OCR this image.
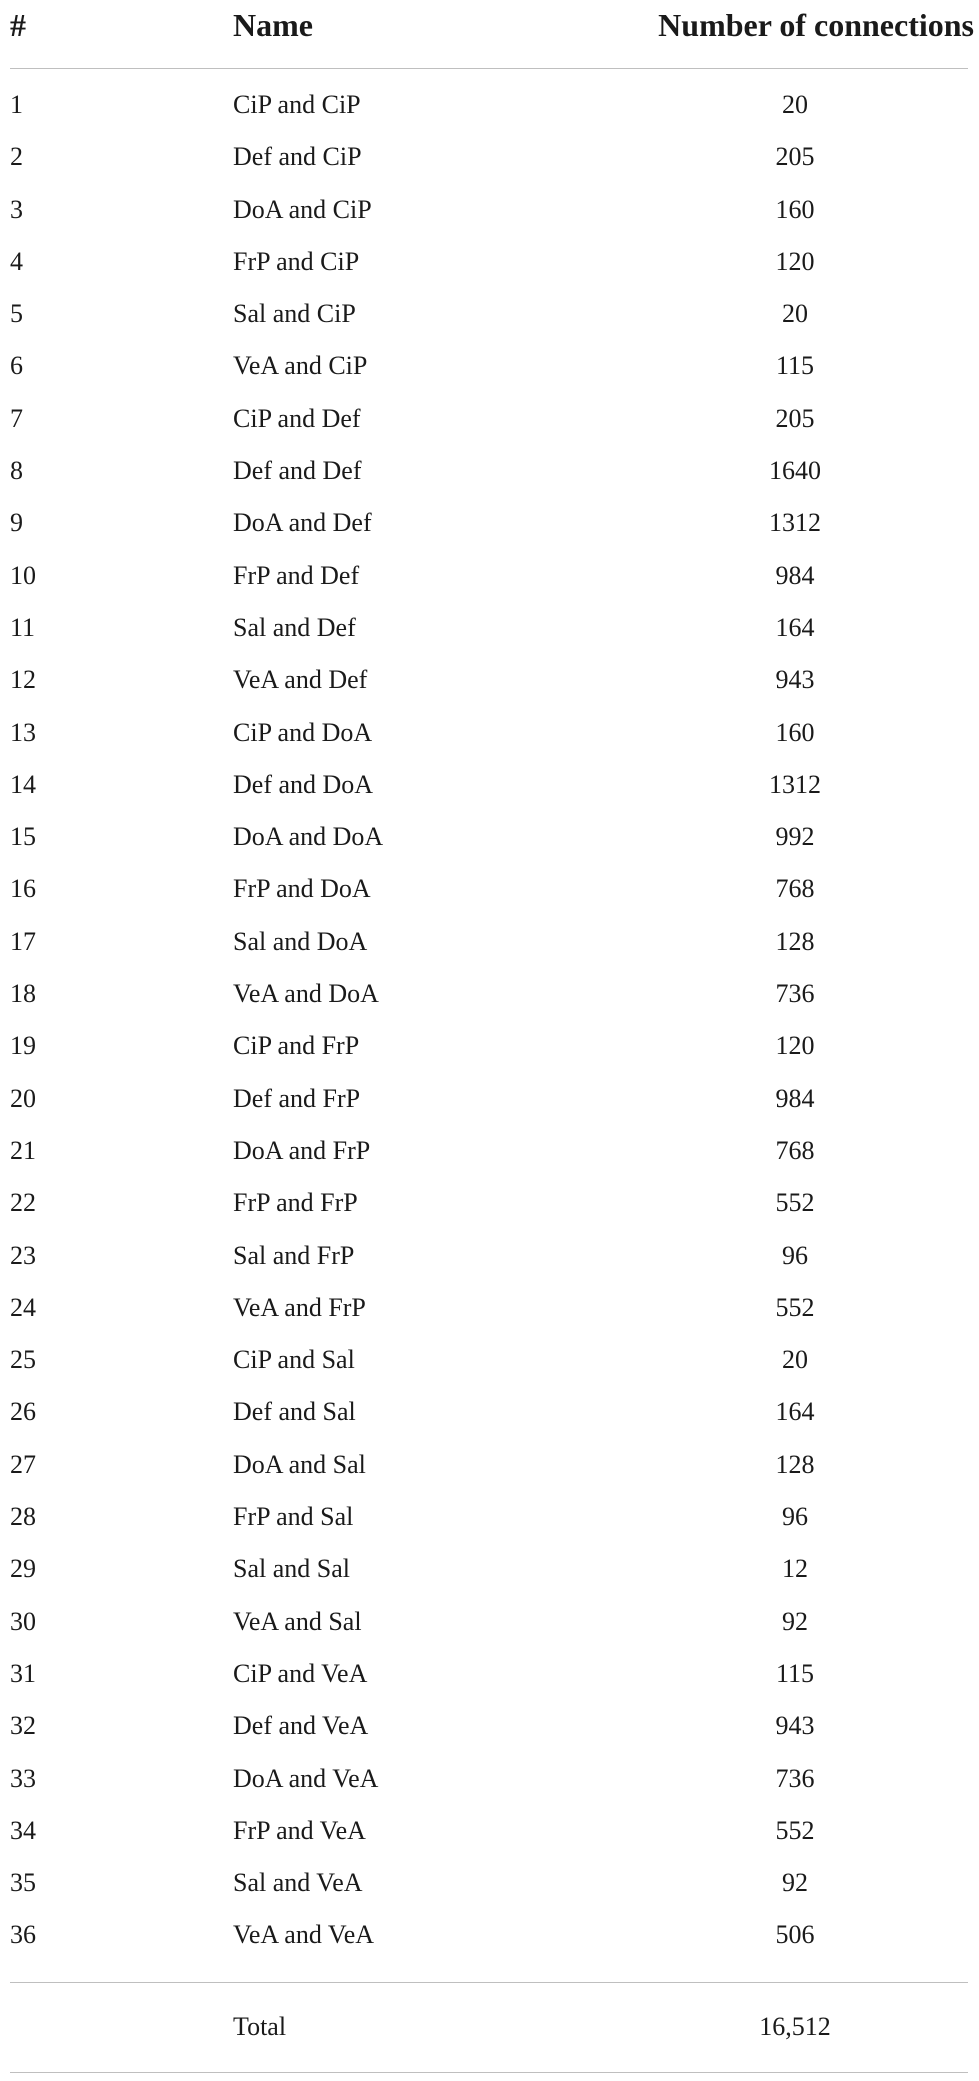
#	Name	Number of connections
1	CiP and CiP	20
2	Def and CiP	205
3	DoA and CiP	160
4	FrP and CiP	120
5	Sal and CiP	20
6	VeA and CiP	115
7	CiP and Def	205
8	Def and Def	1640
9	DoA and Def	1312
10	FrP and Def	984
11	Sal and Def	164
12	VeA and Def	943
13	CiP and DoA	160
14	Def and DoA	1312
15	DoA and DoA	992
16	FrP and DoA	768
17	Sal and DoA	128
18	VeA and DoA	736
19	CiP and FrP	120
20	Def and FrP	984
21	DoA and FrP	768
22	FrP and FrP	552
23	Sal and FrP	96
24	VeA and FrP	552
25	CiP and Sal	20
26	Def and Sal	164
27	DoA and Sal	128
28	FrP and Sal	96
29	Sal and Sal	12
30	VeA and Sal	92
31	CiP and VeA	115
32	Def and VeA	943
33	DoA and VeA	736
34	FrP and VeA	552
35	Sal and VeA	92
36	VeA and VeA	506
Total	16,512
